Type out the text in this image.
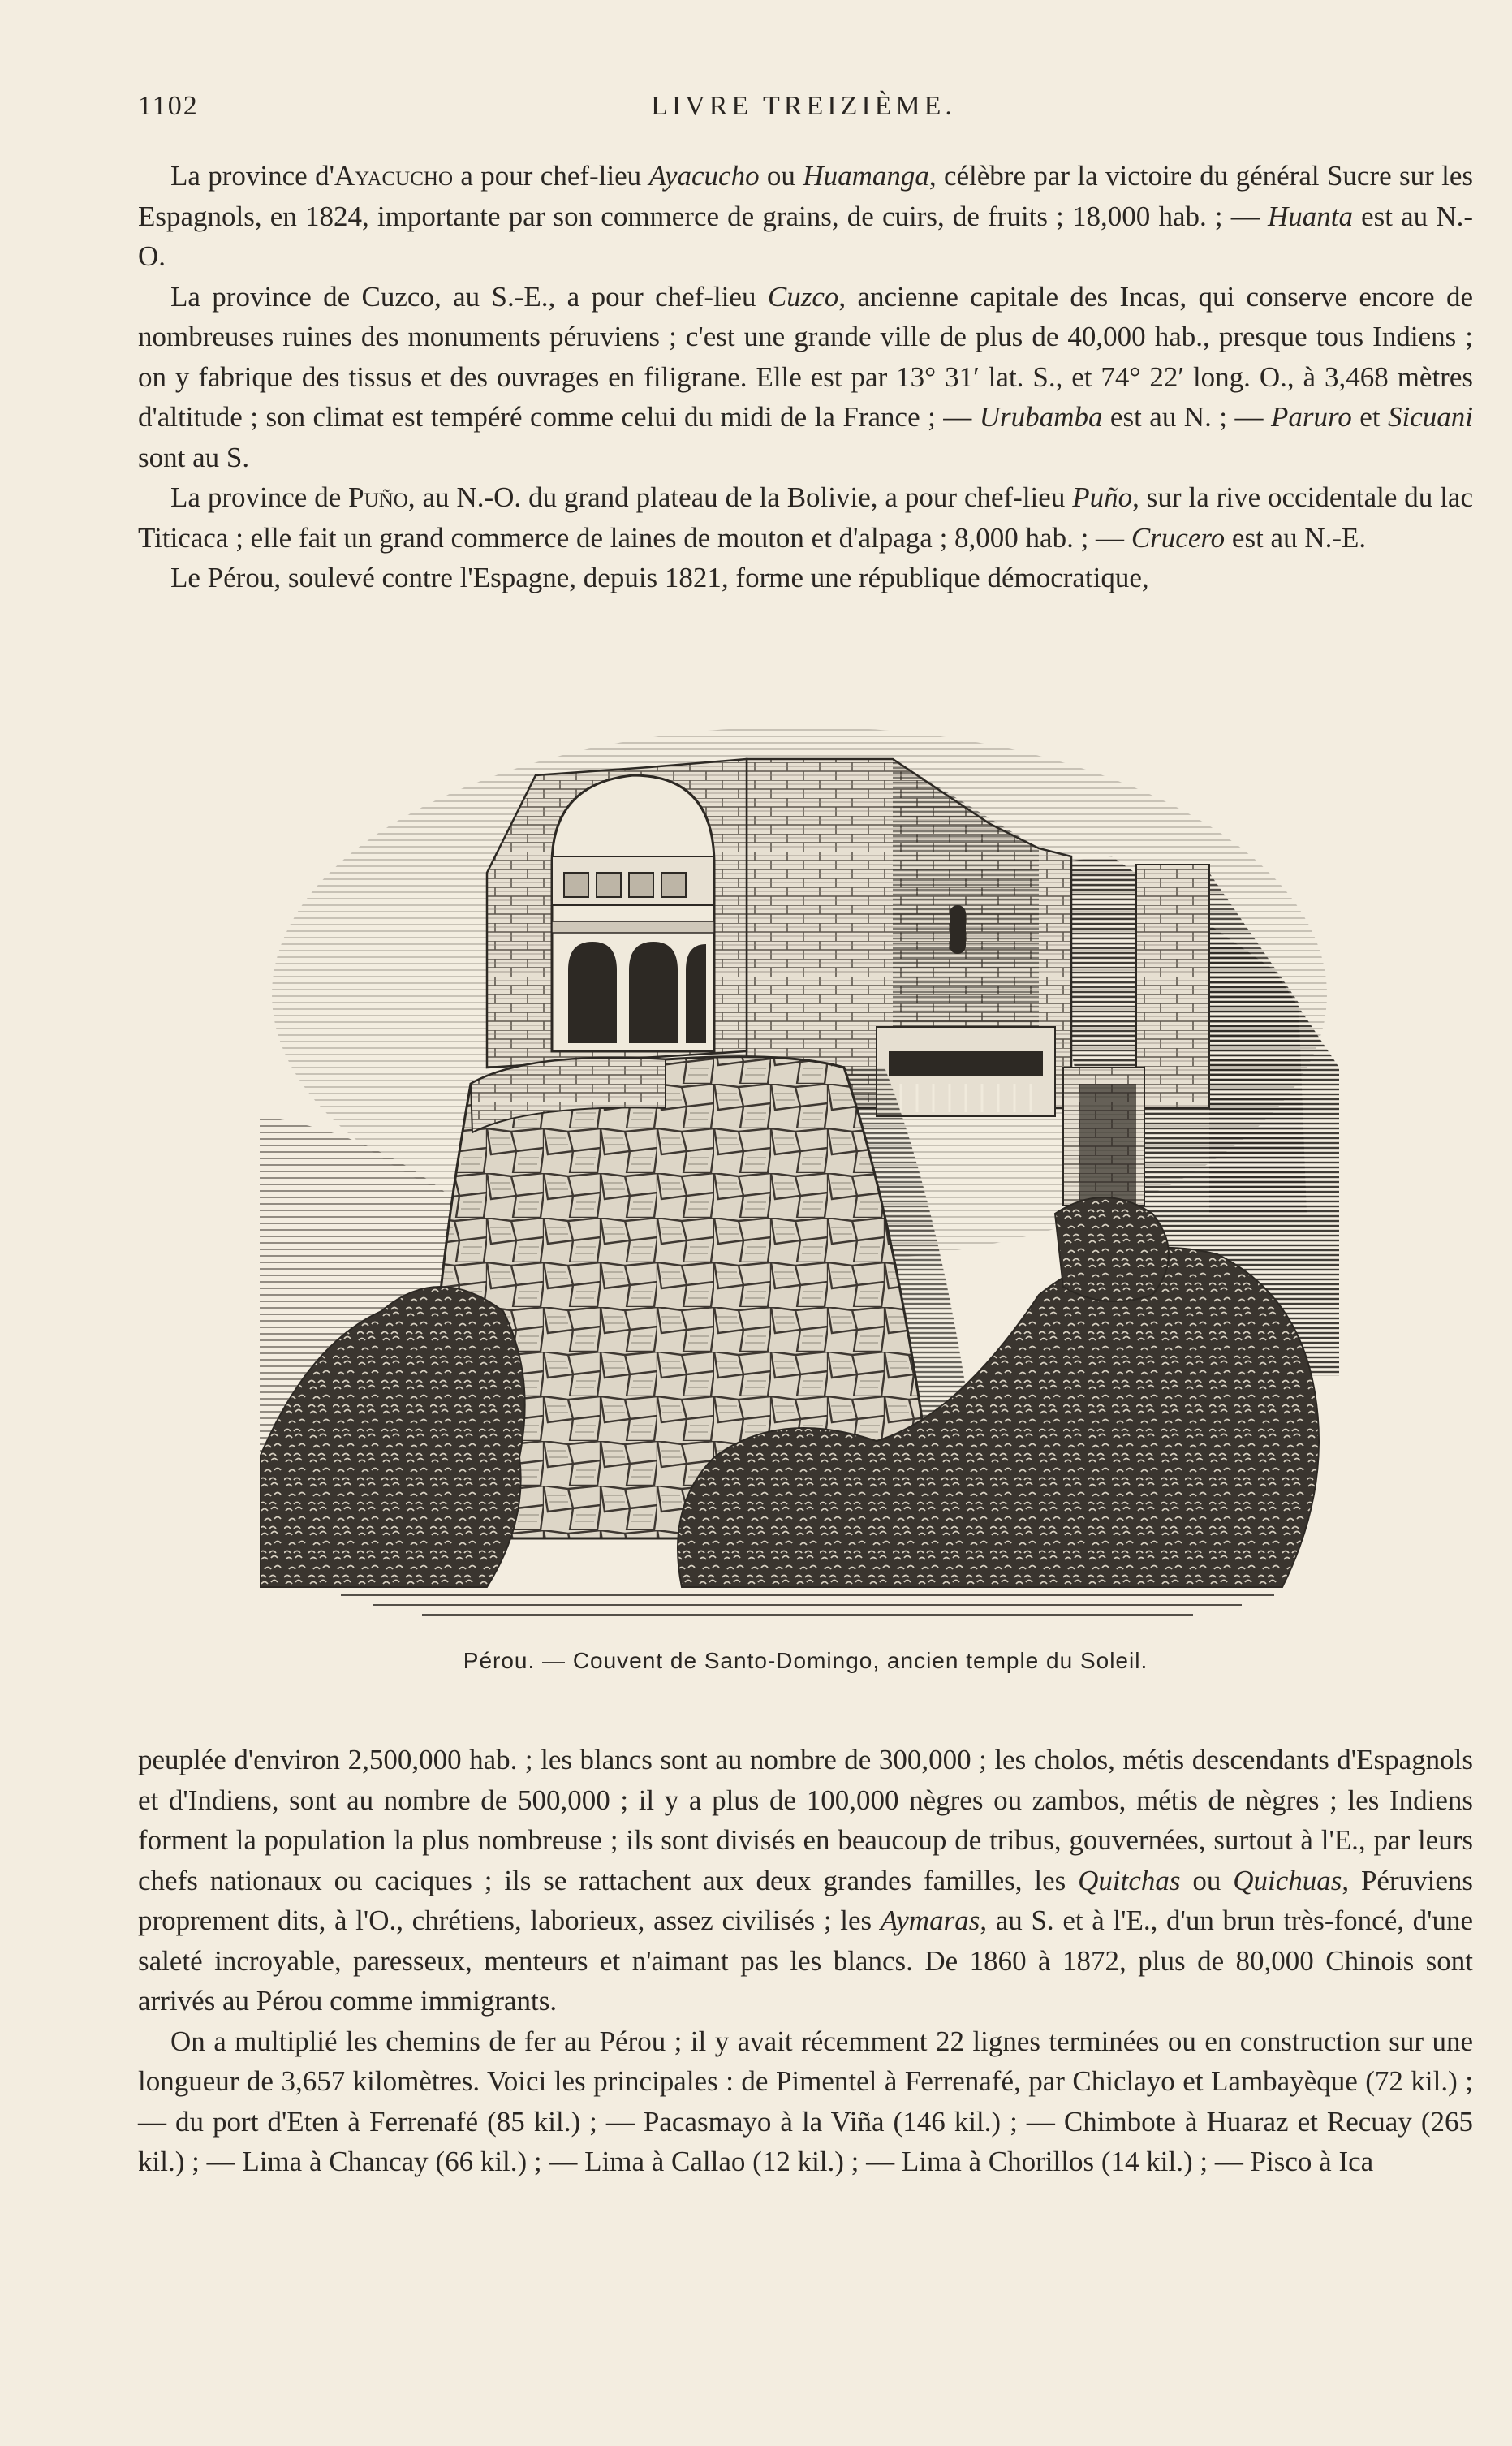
1102	LIVRE TREIZIÈME.

La province d'Ayacucho a pour chef-lieu Ayacucho ou Huamanga, célèbre par la victoire du général Sucre sur les Espagnols, en 1824, importante par son commerce de grains, de cuirs, de fruits ; 18,000 hab. ; — Huanta est au N.-O.

La province de Cuzco, au S.-E., a pour chef-lieu Cuzco, ancienne capitale des Incas, qui conserve encore de nombreuses ruines des monuments péruviens ; c'est une grande ville de plus de 40,000 hab., presque tous Indiens ; on y fabrique des tissus et des ouvrages en filigrane. Elle est par 13° 31′ lat. S., et 74° 22′ long. O., à 3,468 mètres d'altitude ; son climat est tempéré comme celui du midi de la France ; — Urubamba est au N. ; — Paruro et Sicuani sont au S.

La province de Puño, au N.-O. du grand plateau de la Bolivie, a pour chef-lieu Puño, sur la rive occidentale du lac Titicaca ; elle fait un grand commerce de laines de mouton et d'alpaga ; 8,000 hab. ; — Crucero est au N.-E.

Le Pérou, soulevé contre l'Espagne, depuis 1821, forme une république démocratique,

Pérou. — Couvent de Santo-Domingo, ancien temple du Soleil.

peuplée d'environ 2,500,000 hab. ; les blancs sont au nombre de 300,000 ; les cholos, métis descendants d'Espagnols et d'Indiens, sont au nombre de 500,000 ; il y a plus de 100,000 nègres ou zambos, métis de nègres ; les Indiens forment la population la plus nombreuse ; ils sont divisés en beaucoup de tribus, gouvernées, surtout à l'E., par leurs chefs nationaux ou caciques ; ils se rattachent aux deux grandes familles, les Quitchas ou Quichuas, Péruviens proprement dits, à l'O., chrétiens, laborieux, assez civilisés ; les Aymaras, au S. et à l'E., d'un brun très-foncé, d'une saleté incroyable, paresseux, menteurs et n'aimant pas les blancs. De 1860 à 1872, plus de 80,000 Chinois sont arrivés au Pérou comme immigrants.

On a multiplié les chemins de fer au Pérou ; il y avait récemment 22 lignes terminées ou en construction sur une longueur de 3,657 kilomètres. Voici les principales : de Pimentel à Ferrenafé, par Chiclayo et Lambayèque (72 kil.) ; — du port d'Eten à Ferrenafé (85 kil.) ; — Pacasmayo à la Viña (146 kil.) ; — Chimbote à Huaraz et Recuay (265 kil.) ; — Lima à Chancay (66 kil.) ; — Lima à Callao (12 kil.) ; — Lima à Chorillos (14 kil.) ; — Pisco à Ica
